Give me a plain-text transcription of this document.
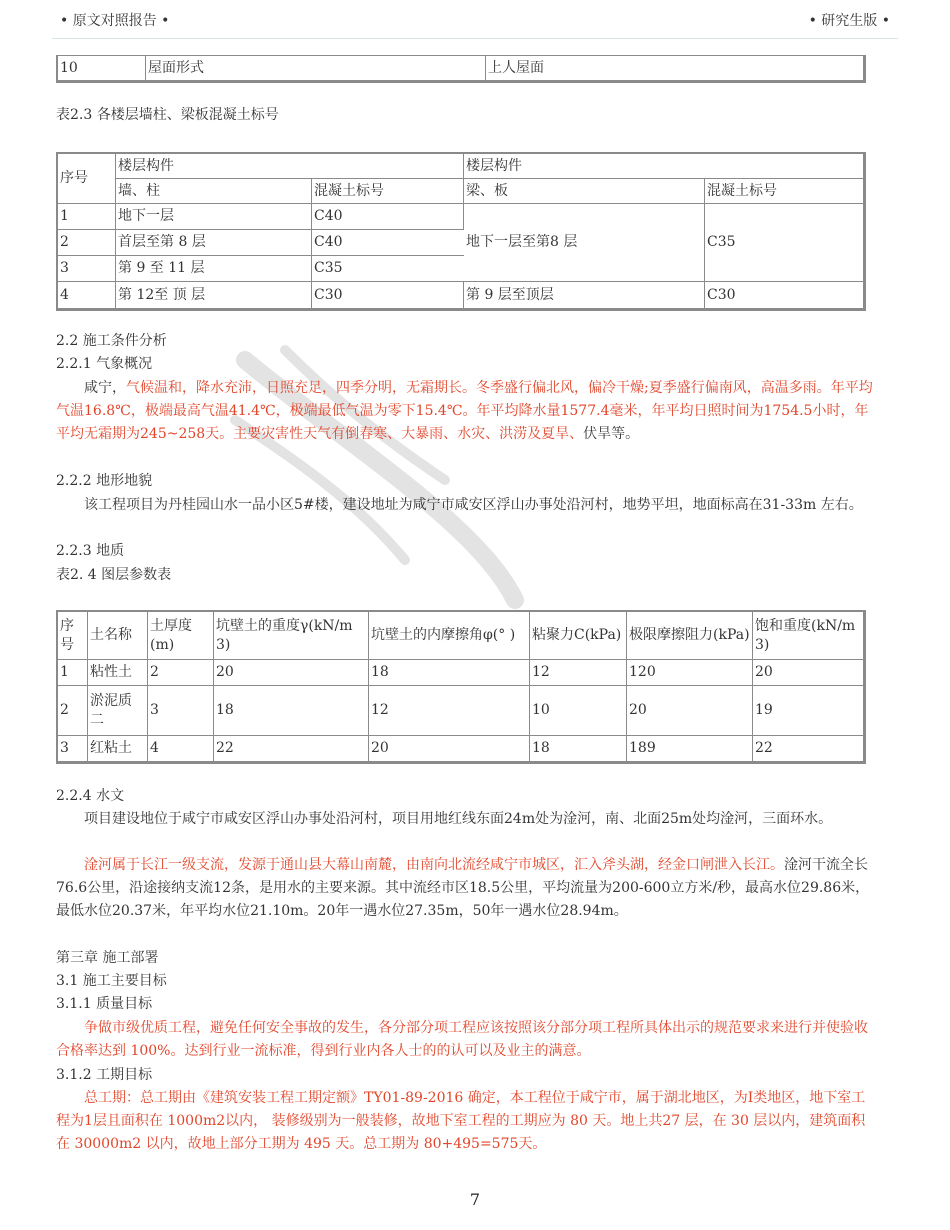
• 原文对照报告 •	• 研究生版 •
10	屋面形式	上人屋面
表2.3 各楼层墙柱、梁板混凝土标号
序号	楼层构件		楼层构件	
	墙、柱	混凝土标号	梁、板	混凝土标号
1	地下一层	C40	地下一层至第8 层	C35
2	首层至第 8 层	C40		
3	第 9 至 11 层	C35		
4	第 12至 顶 层	C30	第 9 层至顶层	C30
2.2 施工条件分析
2.2.1 气象概况
咸宁，气候温和，降水充沛，日照充足，四季分明，无霜期长。冬季盛行偏北风，偏冷干燥;夏季盛行偏南风，高温多雨。年平均气温16.8℃，极端最高气温41.4℃，极端最低气温为零下15.4℃。年平均降水量1577.4毫米，年平均日照时间为1754.5小时，年平均无霜期为245~258天。主要灾害性天气有倒春寒、大暴雨、水灾、洪涝及夏旱、伏旱等。
2.2.2 地形地貌
该工程项目为丹桂园山水一品小区5#楼，建设地址为咸宁市咸安区浮山办事处沿河村，地势平坦，地面标高在31-33m 左右。
2.2.3 地质
表2. 4 图层参数表
序号	土名称	土厚度(m)	坑壁土的重度γ(kN/m3)	坑壁土的内摩擦角φ(° )	粘聚力C(kPa)	极限摩擦阻力(kPa)	饱和重度(kN/m3)
1	粘性土	2	20	18	12	120	20
2	淤泥质二	3	18	12	10	20	19
3	红粘土	4	22	20	18	189	22
2.2.4 水文
项目建设地位于咸宁市咸安区浮山办事处沿河村，项目用地红线东面24m处为淦河，南、北面25m处均淦河，三面环水。
淦河属于长江一级支流，发源于通山县大幕山南麓，由南向北流经咸宁市城区，汇入斧头湖，经金口闸泄入长江。淦河干流全长76.6公里，沿途接纳支流12条，是用水的主要来源。其中流经市区18.5公里，平均流量为200-600立方米/秒，最高水位29.86米，最低水位20.37米，年平均水位21.10m。20年一遇水位27.35m，50年一遇水位28.94m。
第三章 施工部署
3.1 施工主要目标
3.1.1 质量目标
争做市级优质工程，避免任何安全事故的发生，各分部分项工程应该按照该分部分项工程所具体出示的规范要求来进行并使验收合格率达到 100%。达到行业一流标准，得到行业内各人士的的认可以及业主的满意。
3.1.2 工期目标
总工期：总工期由《建筑安装工程工期定额》TY01-89-2016 确定，本工程位于咸宁市，属于湖北地区，为Ⅰ类地区，地下室工程为1层且面积在 1000m2以内， 装修级别为一般装修，故地下室工程的工期应为 80 天。地上共27 层，在 30 层以内，建筑面积在 30000m2 以内，故地上部分工期为 495 天。总工期为 80+495=575天。
7
